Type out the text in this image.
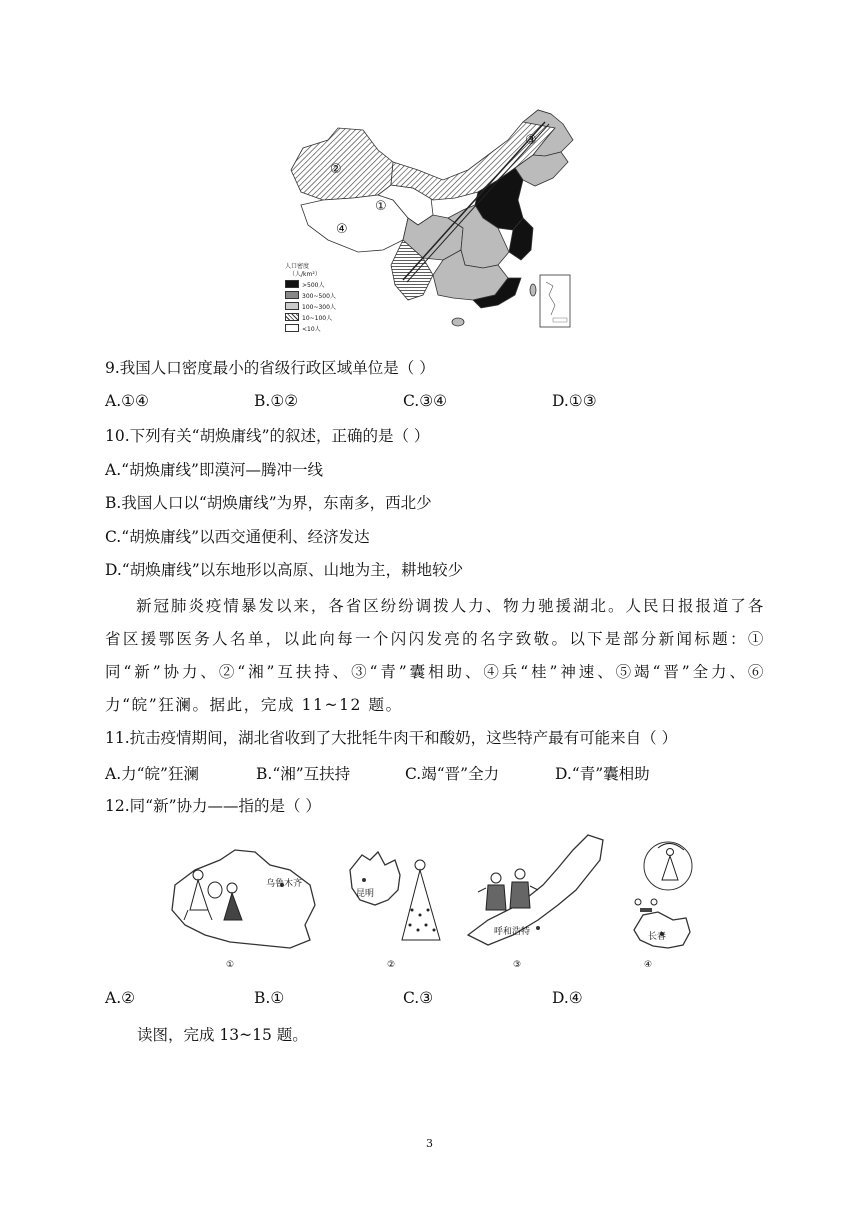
①
②
③
④
人口密度
（人/km²）
>500人
300~500人
100~300人
10~100人
<10人
9.我国人口密度最小的省级行政区域单位是（ ）
A.①④	B.①②	C.③④	D.①③
10.下列有关“胡焕庸线”的叙述，正确的是（ ）
A.“胡焕庸线”即漠河—腾冲一线
B.我国人口以“胡焕庸线”为界，东南多，西北少
C.“胡焕庸线”以西交通便利、经济发达
D.“胡焕庸线”以东地形以高原、山地为主，耕地较少
新冠肺炎疫情暴发以来，各省区纷纷调拨人力、物力驰援湖北。人民日报报道了各省区援鄂医务人名单，以此向每一个闪闪发亮的名字致敬。以下是部分新闻标题：①同“新”协力、②“湘”互扶持、③“青”囊相助、④兵“桂”神速、⑤竭“晋”全力、⑥力“皖”狂澜。据此，完成 11~12 题。
11.抗击疫情期间，湖北省收到了大批牦牛肉干和酸奶，这些特产最有可能来自（ ）
A.力“皖”狂澜	B.“湘”互扶持	C.竭“晋”全力	D.“青”囊相助
12.同“新”协力——指的是（ ）
乌鲁木齐
①
昆明
②
呼和浩特
③
长春
④
A.②	B.①	C.③	D.④
读图，完成 13~15 题。
3
